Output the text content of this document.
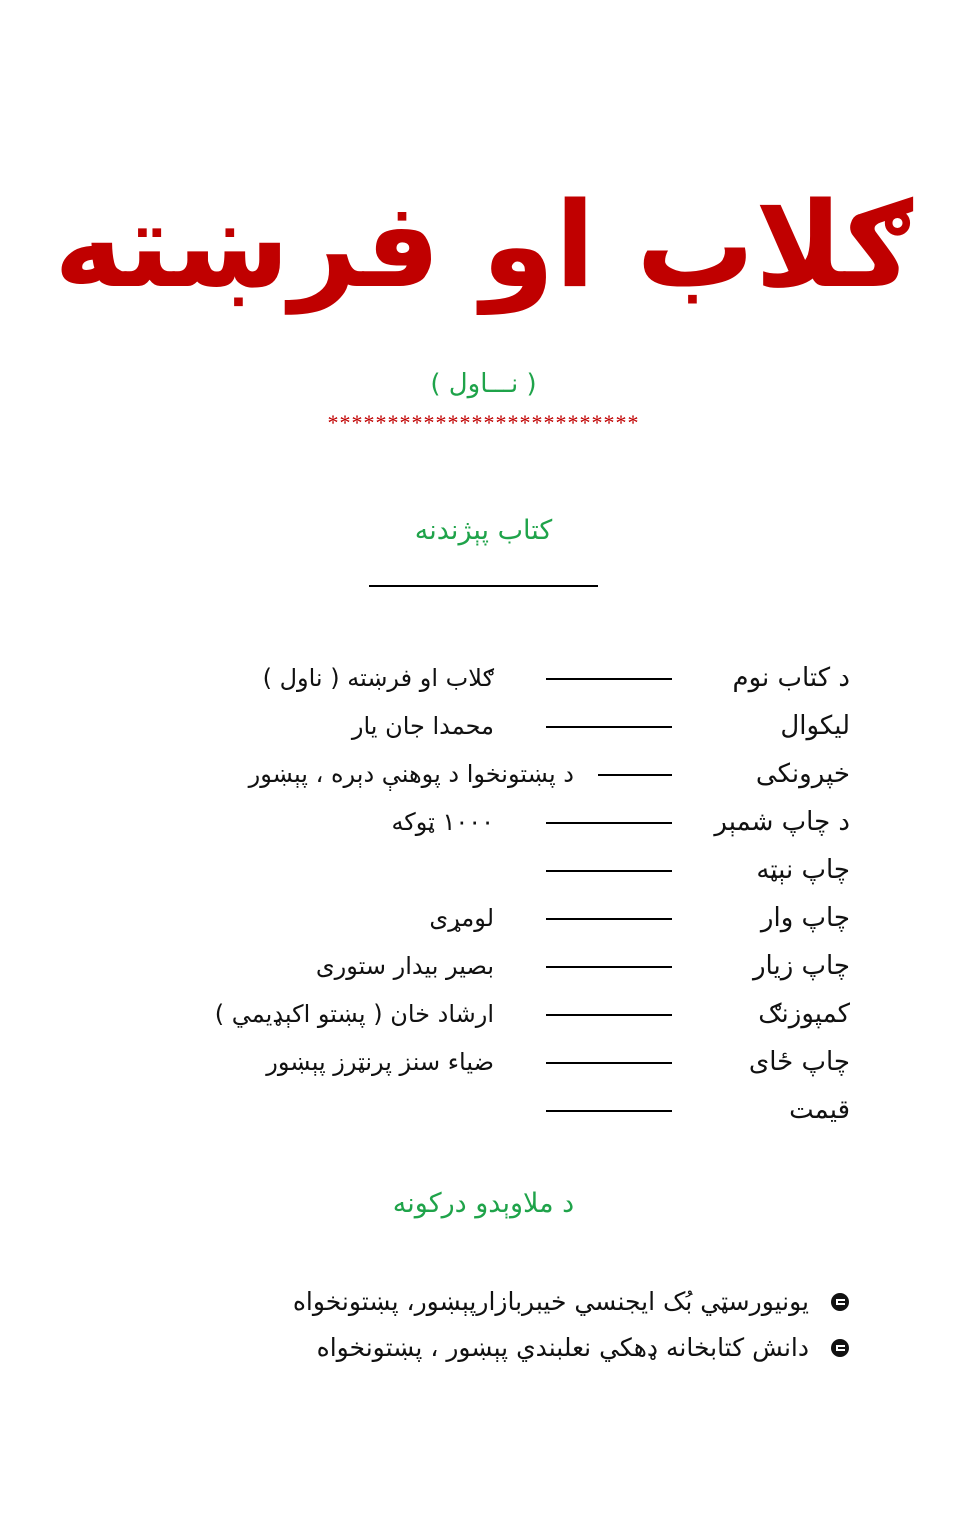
ګلاب او فرښته
( نـــاول )
**************************
کتاب پېژندنه
د کتاب نوم
ګلاب او فرښته ( ناول )
ليکوال
محمدا جان يار
خپرونکی
د پښتونخوا د پوهنې دېره ، پېښور
د چاپ شمېر
۱۰۰۰ ټوکه
چاپ نېټه
چاپ وار
لومړی
چاپ زيار
بصير بيدار ستوری
کمپوزنګ
ارشاد خان ( پښتو اکېډيمي )
چاپ ځای
ضياء سنز پرنټرز پېښور
قيمت
د ملاوېدو درکونه
يونيورسټي بُک ايجنسي خيبربازارپېښور، پښتونخواه
دانش کتابخانه ډهکي نعلبندي پېښور ، پښتونخواه
